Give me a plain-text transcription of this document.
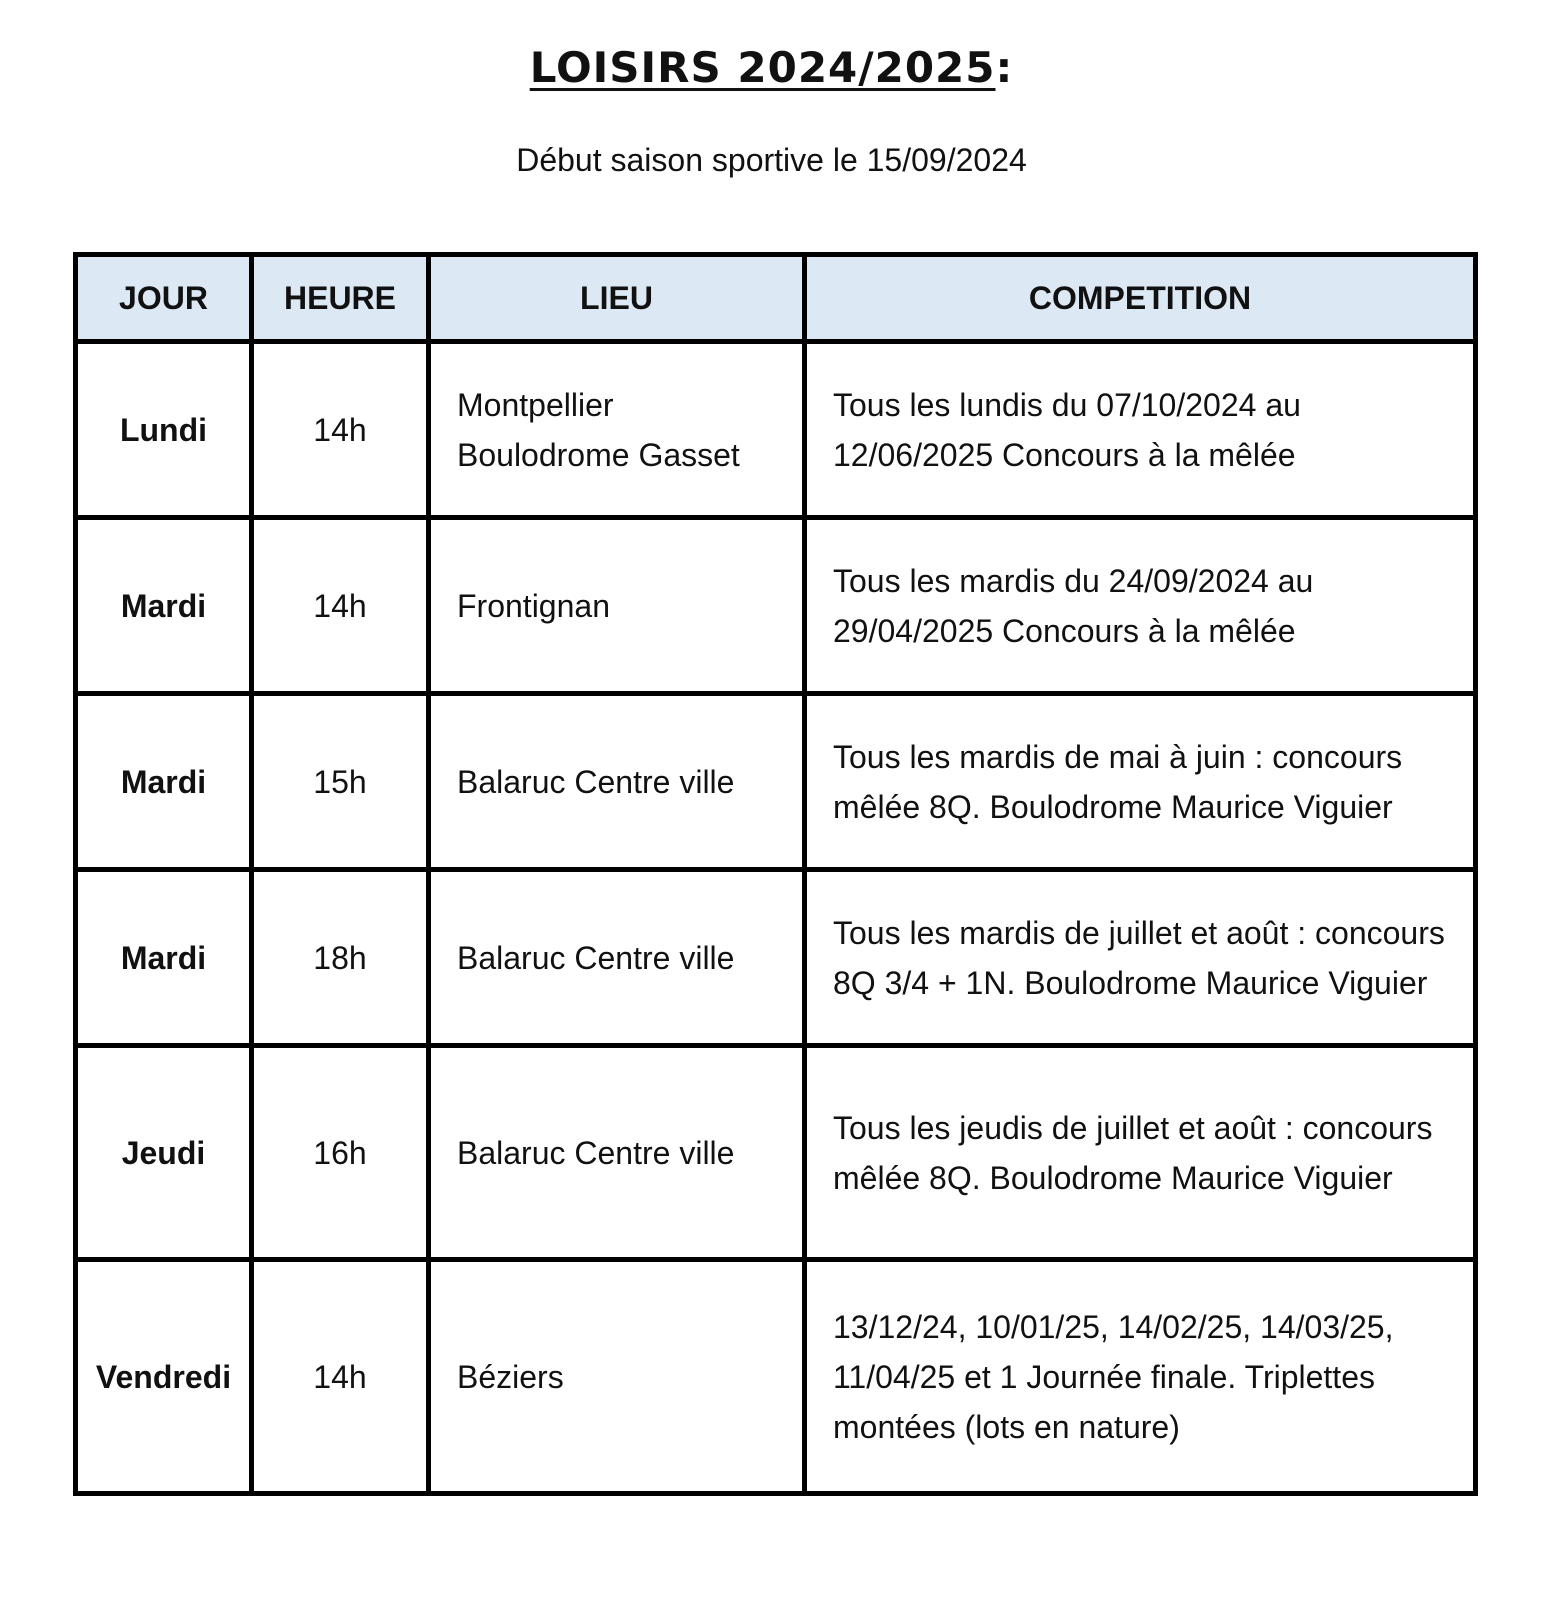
LOISIRS 2024/2025:
Début saison sportive le 15/09/2024
JOUR	HEURE	LIEU	COMPETITION
Lundi	14h	Montpellier Boulodrome Gasset	Tous les lundis du 07/10/2024 au 12/06/2025 Concours à la mêlée
Mardi	14h	Frontignan	Tous les mardis du 24/09/2024 au 29/04/2025 Concours à la mêlée
Mardi	15h	Balaruc Centre ville	Tous les mardis de mai à juin : concours mêlée 8Q. Boulodrome Maurice Viguier
Mardi	18h	Balaruc Centre ville	Tous les mardis de juillet et août : concours 8Q 3/4 + 1N. Boulodrome Maurice Viguier
Jeudi	16h	Balaruc Centre ville	Tous les jeudis de juillet et août : concours mêlée 8Q. Boulodrome Maurice Viguier
Vendredi	14h	Béziers	13/12/24, 10/01/25, 14/02/25, 14/03/25, 11/04/25 et 1 Journée finale. Triplettes montées (lots en nature)
